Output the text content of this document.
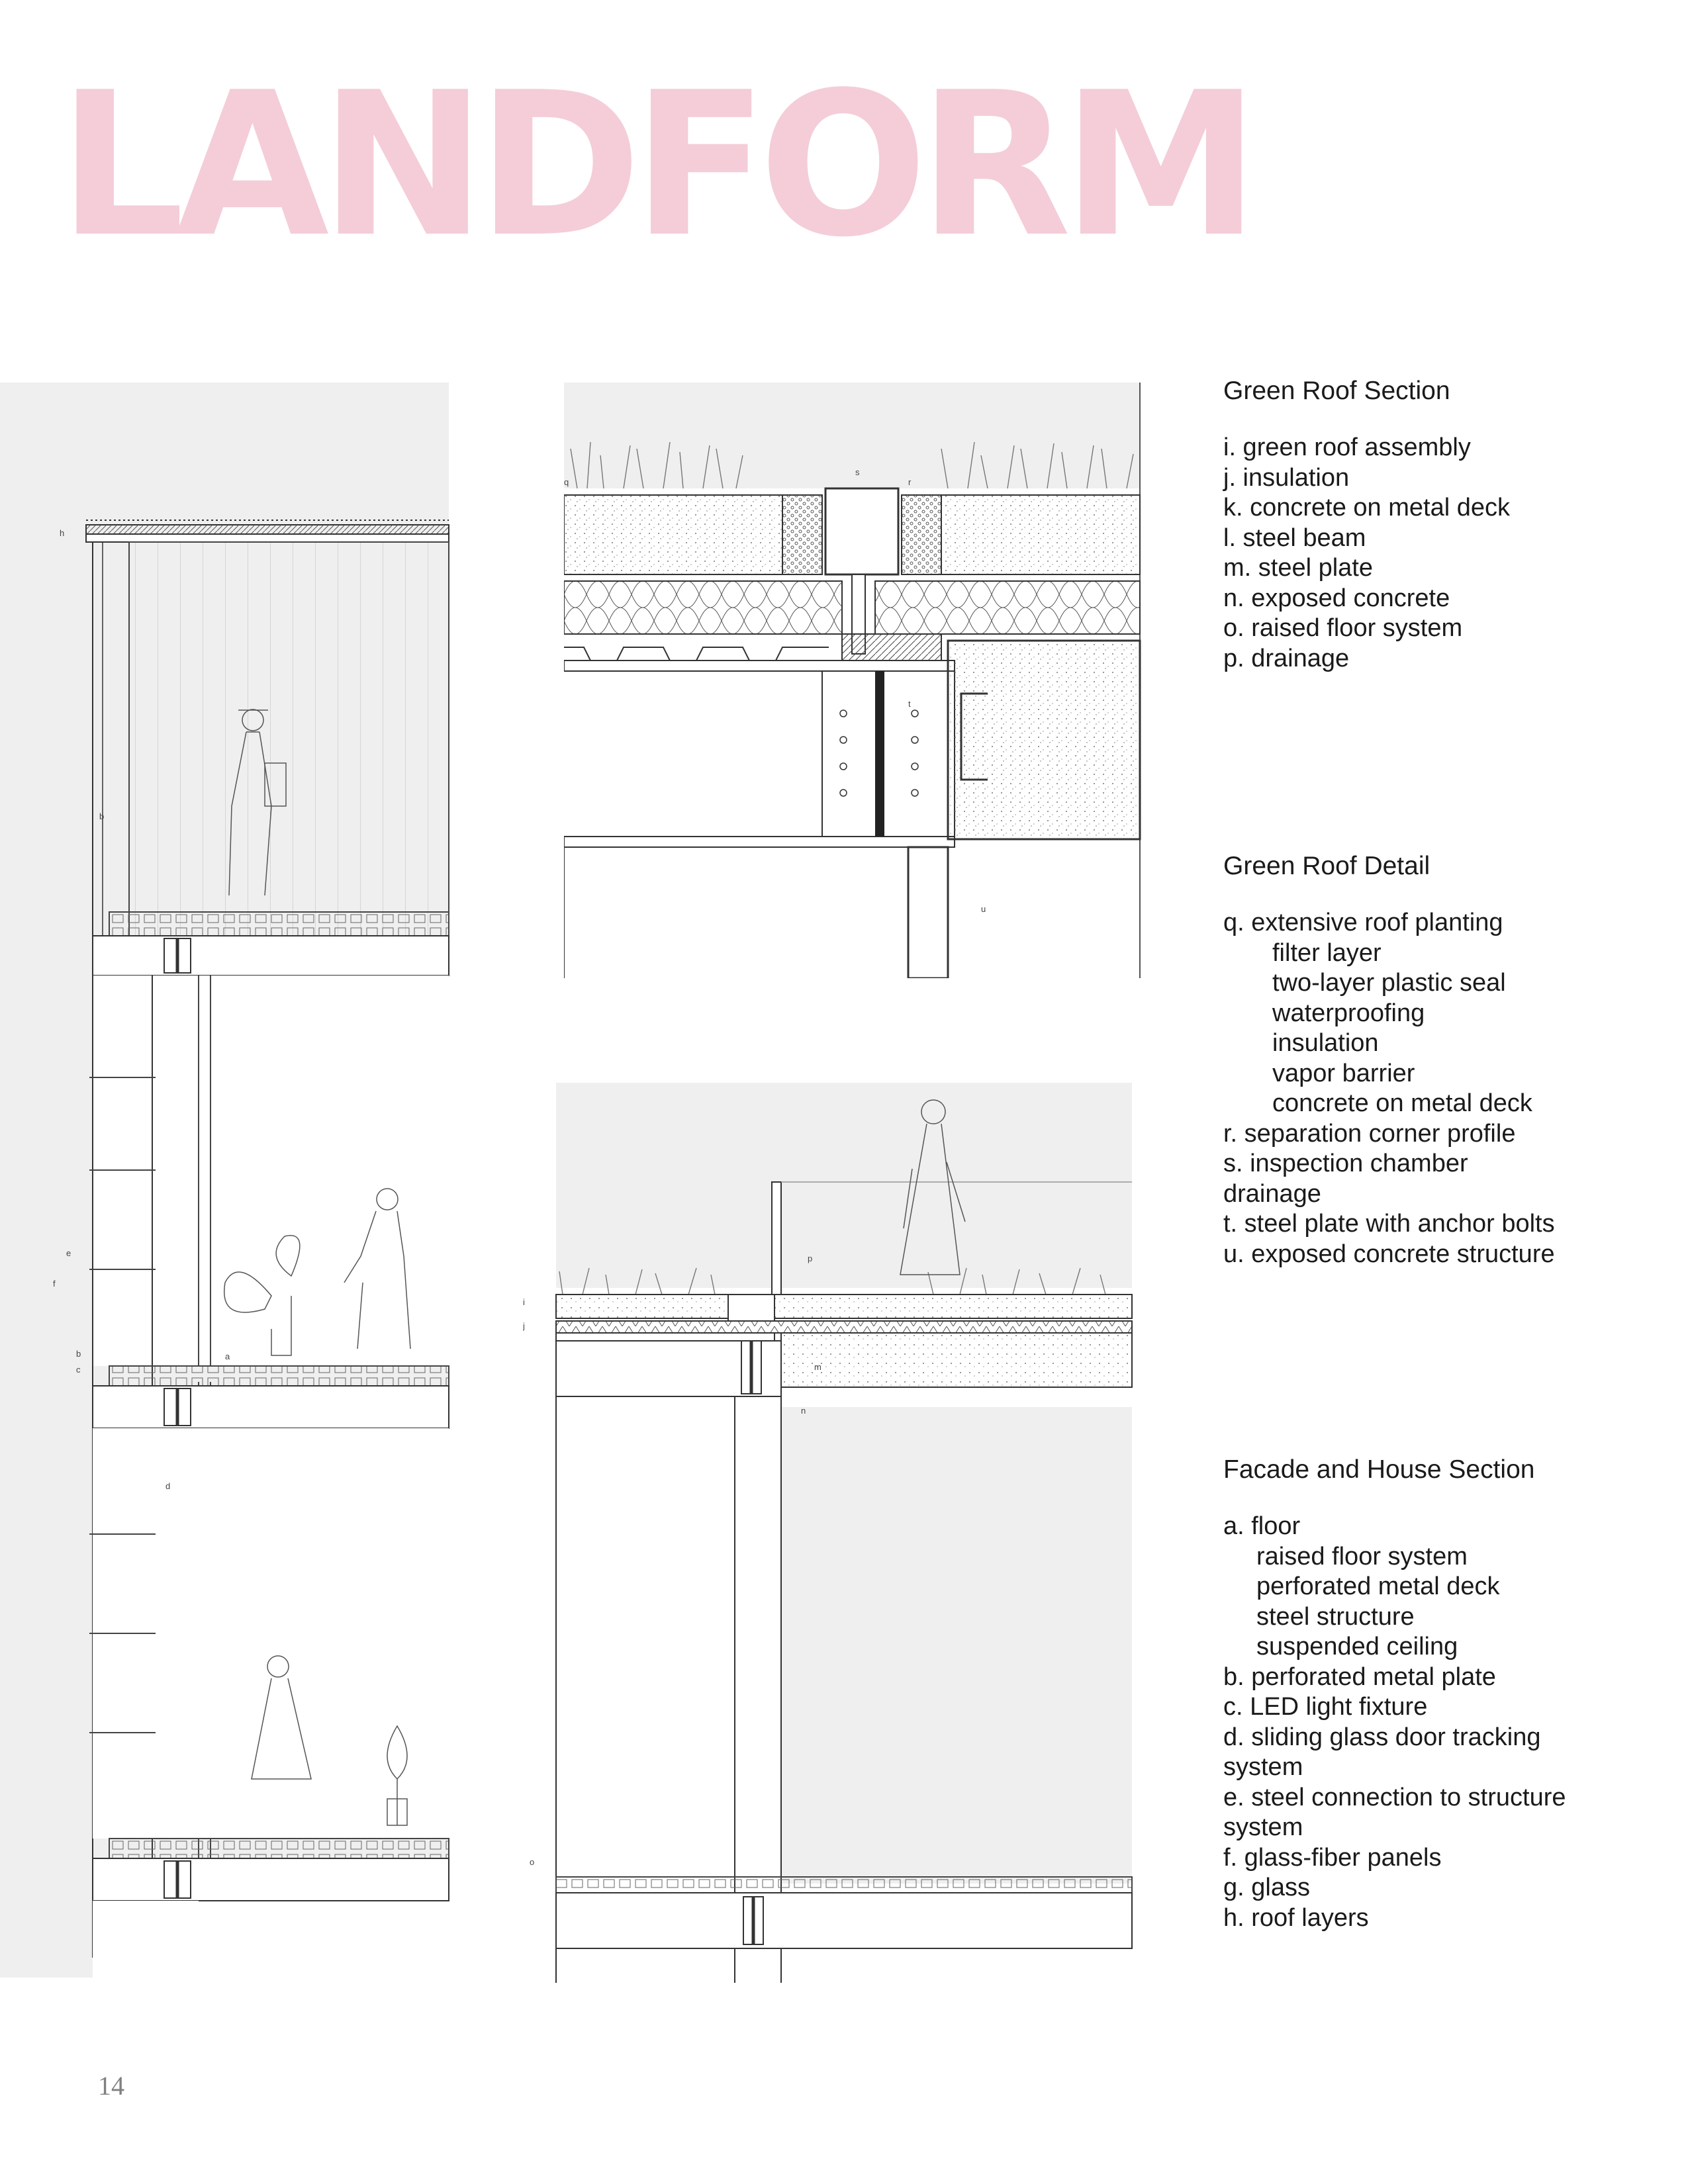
LANDFORM
h
b
e
f
b
c
a
d
q
s
r
t
u
i
j
p
m
n
o
Green Roof Section
i. green roof assembly
j. insulation
k. concrete on metal deck
l. steel beam
m. steel plate
n. exposed concrete
o. raised floor system
p. drainage
Green Roof Detail
q. extensive roof planting
filter layer
two-layer plastic seal
waterproofing
insulation
vapor barrier
concrete on metal deck
r. separation corner profile
s. inspection chamber
drainage
t. steel plate with anchor bolts
u. exposed concrete structure
Facade and House Section
a. floor
raised floor system
perforated metal deck
steel structure
suspended ceiling
b. perforated metal plate
c. LED light fixture
d. sliding glass door tracking system
e. steel connection to structure system
f. glass-fiber panels
g. glass
h. roof layers
14
